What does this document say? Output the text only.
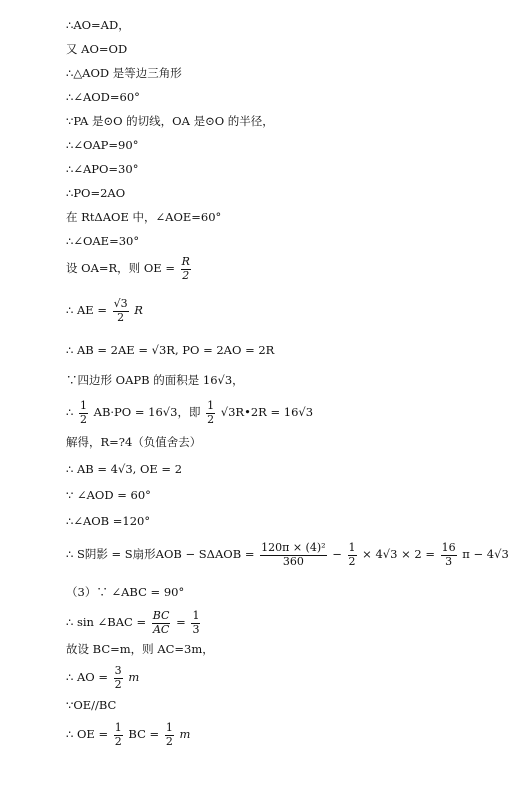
∴AO=AD，
又 AO=OD
∴△AOD 是等边三角形
∴∠AOD=60°
∵PA 是⊙O 的切线，OA 是⊙O 的半径，
∴∠OAP=90°
∴∠APO=30°
∴PO=2AO
在 RtΔAOE 中，∠AOE=60°
∴∠OAE=30°
设 OA=R，则 OE = $\frac{R}{2}$
∴ AE = $\frac{√3}{2}$ R
∴ AB = 2AE = √3R, PO = 2AO = 2R
∵四边形 OAPB 的面积是 16√3，
∴ $\frac{1}{2} AB\cdot PO = 16√3$，即 $\frac{1}{2}$ √3R•2R = 16√3
解得，R=?4（负值舍去）
∴ AB = 4√3, OE = 2
∵ ∠AOD = 60°
∴∠AOB =120°
∴ S阴影 = S扇形AOB − $S\Delta AOB = \frac{\text{120π × (4)²}}{360} - \frac{1}{2} \times 4√3 \times 2 = \frac{16}{3}$ π − 4√3
（3）∵ ∠ABC = 90°
∴ sin ∠BAC = $\frac{BC}{AC} = \frac{1}{3}$
故设 BC=m，则 AC=3m，
∴ AO = $\frac{3}{2}$ m
∵OE//BC
∴ OE = $\frac{1}{2}$ BC = $\frac{1}{2}$ m
